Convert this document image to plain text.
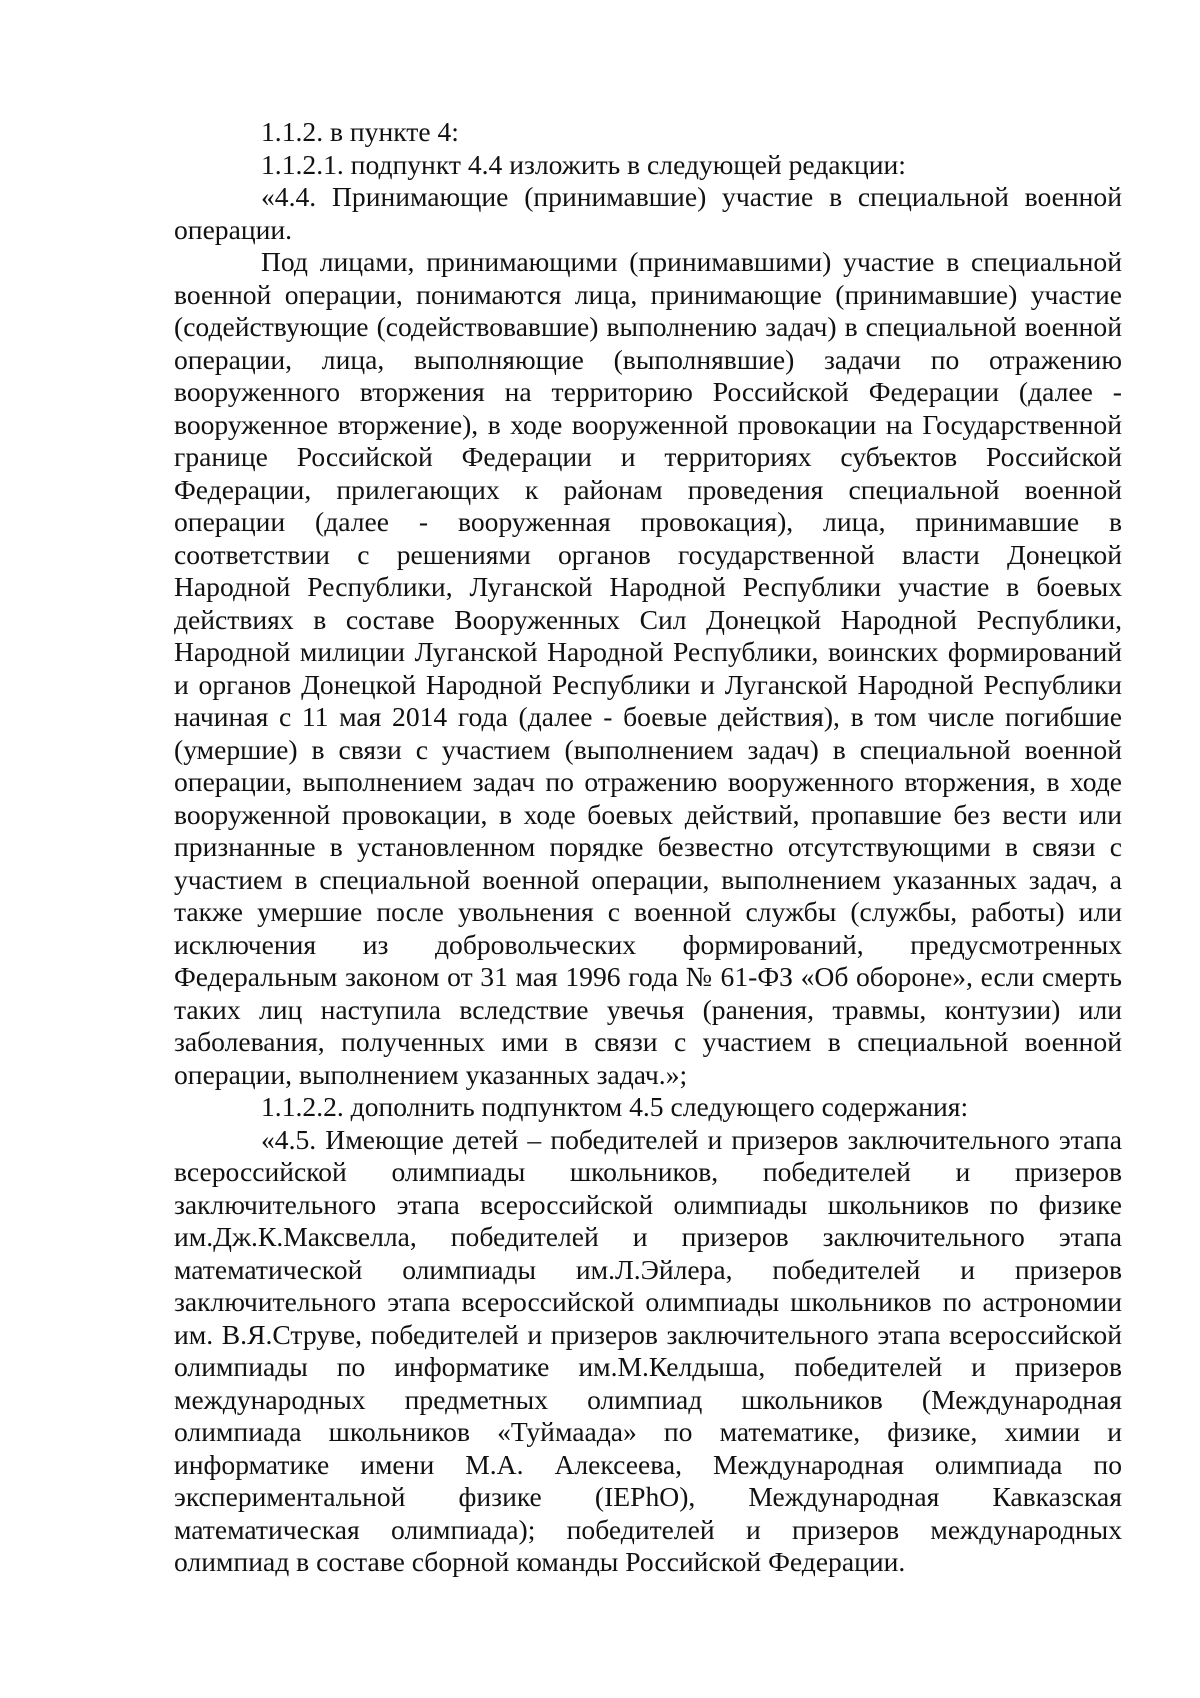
1.1.2. в пункте 4:

1.1.2.1. подпункт 4.4 изложить в следующей редакции:

«4.4. Принимающие (принимавшие) участие в специальной военной операции.

Под лицами, принимающими (принимавшими) участие в специальной военной операции, понимаются лица, принимающие (принимавшие) участие (содействующие (содействовавшие) выполнению задач) в специальной военной операции, лица, выполняющие (выполнявшие) задачи по отражению вооруженного вторжения на территорию Российской Федерации (далее - вооруженное вторжение), в ходе вооруженной провокации на Государственной границе Российской Федерации и территориях субъектов Российской Федерации, прилегающих к районам проведения специальной военной операции (далее - вооруженная провокация), лица, принимавшие в соответствии с решениями органов государственной власти Донецкой Народной Республики, Луганской Народной Республики участие в боевых действиях в составе Вооруженных Сил Донецкой Народной Республики, Народной милиции Луганской Народной Республики, воинских формирований и органов Донецкой Народной Республики и Луганской Народной Республики начиная с 11 мая 2014 года (далее - боевые действия), в том числе погибшие (умершие) в связи с участием (выполнением задач) в специальной военной операции, выполнением задач по отражению вооруженного вторжения, в ходе вооруженной провокации, в ходе боевых действий, пропавшие без вести или признанные в установленном порядке безвестно отсутствующими в связи с участием в специальной военной операции, выполнением указанных задач, а также умершие после увольнения с военной службы (службы, работы) или исключения из добровольческих формирований, предусмотренных Федеральным законом от 31 мая 1996 года № 61-ФЗ «Об обороне», если смерть таких лиц наступила вследствие увечья (ранения, травмы, контузии) или заболевания, полученных ими в связи с участием в специальной военной операции, выполнением указанных задач.»;

1.1.2.2. дополнить подпунктом 4.5 следующего содержания:

«4.5. Имеющие детей – победителей и призеров заключительного этапа всероссийской олимпиады школьников, победителей и призеров заключительного этапа всероссийской олимпиады школьников по физике им.Дж.К.Максвелла, победителей и призеров заключительного этапа математической олимпиады им.Л.Эйлера, победителей и призеров заключительного этапа всероссийской олимпиады школьников по астрономии им. В.Я.Струве, победителей и призеров заключительного этапа всероссийской олимпиады по информатике им.М.Келдыша, победителей и призеров международных предметных олимпиад школьников (Международная олимпиада школьников «Туймаада» по математике, физике, химии и информатике имени М.А. Алексеева, Международная олимпиада по экспериментальной физике (IEPhO), Международная Кавказская математическая олимпиада); победителей и призеров международных олимпиад в составе сборной команды Российской Федерации.
